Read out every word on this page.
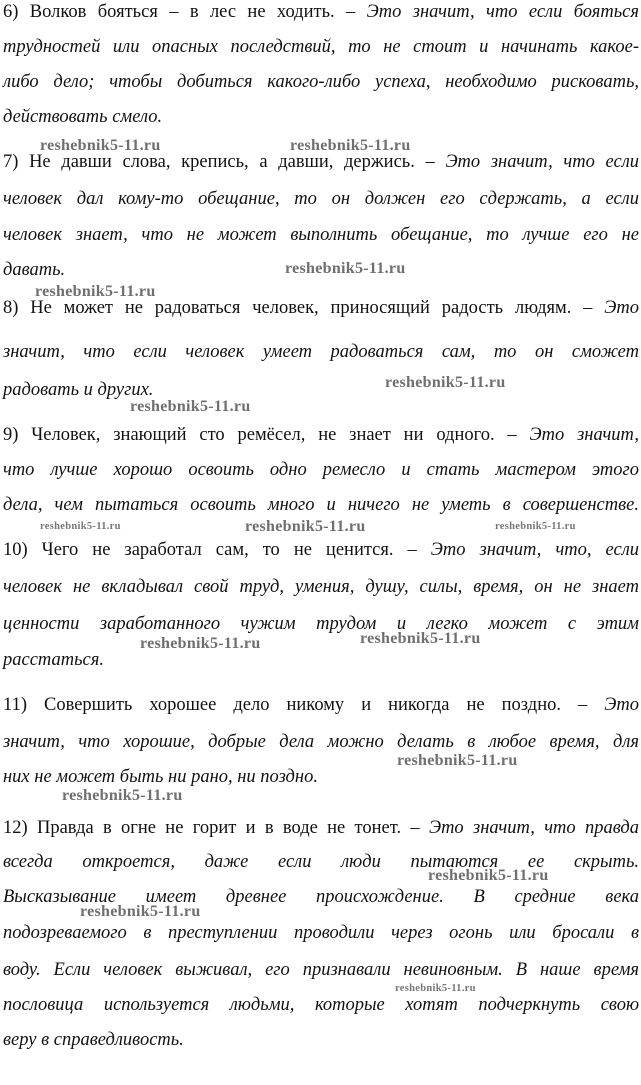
6) Волков бояться – в лес не ходить. – Это значит, что если бояться
трудностей или опасных последствий, то не стоит и начинать какое-
либо дело; чтобы добиться какого-либо успеха, необходимо рисковать,
действовать смело.
7) Не давши слова, крепись, а давши, держись. – Это значит, что если
человек дал кому-то обещание, то он должен его сдержать, а если
человек знает, что не может выполнить обещание, то лучше его не
давать.
8) Не может не радоваться человек, приносящий радость людям. – Это
значит, что если человек умеет радоваться сам, то он сможет
радовать и других.
9) Человек, знающий сто ремёсел, не знает ни одного. – Это значит,
что лучше хорошо освоить одно ремесло и стать мастером этого
дела, чем пытаться освоить много и ничего не уметь в совершенстве.
10) Чего не заработал сам, то не ценится. – Это значит, что, если
человек не вкладывал свой труд, умения, душу, силы, время, он не знает
ценности заработанного чужим трудом и легко может с этим
расстаться.
11) Совершить хорошее дело никому и никогда не поздно. – Это
значит, что хорошие, добрые дела можно делать в любое время, для
них не может быть ни рано, ни поздно.
12) Правда в огне не горит и в воде не тонет. – Это значит, что правда
всегда откроется, даже если люди пытаются ее скрыть.
Высказывание имеет древнее происхождение. В средние века
подозреваемого в преступлении проводили через огонь или бросали в
воду. Если человек выживал, его признавали невиновным. В наше время
пословица используется людьми, которые хотят подчеркнуть свою
веру в справедливость.
reshebnik5-11.ru	reshebnik5-11.ru
reshebnik5-11.ru
reshebnik5-11.ru
reshebnik5-11.ru
reshebnik5-11.ru
reshebnik5-11.ru	reshebnik5-11.ru	reshebnik5-11.ru
reshebnik5-11.ru
reshebnik5-11.ru
reshebnik5-11.ru
reshebnik5-11.ru
reshebnik5-11.ru
reshebnik5-11.ru
reshebnik5-11.ru
